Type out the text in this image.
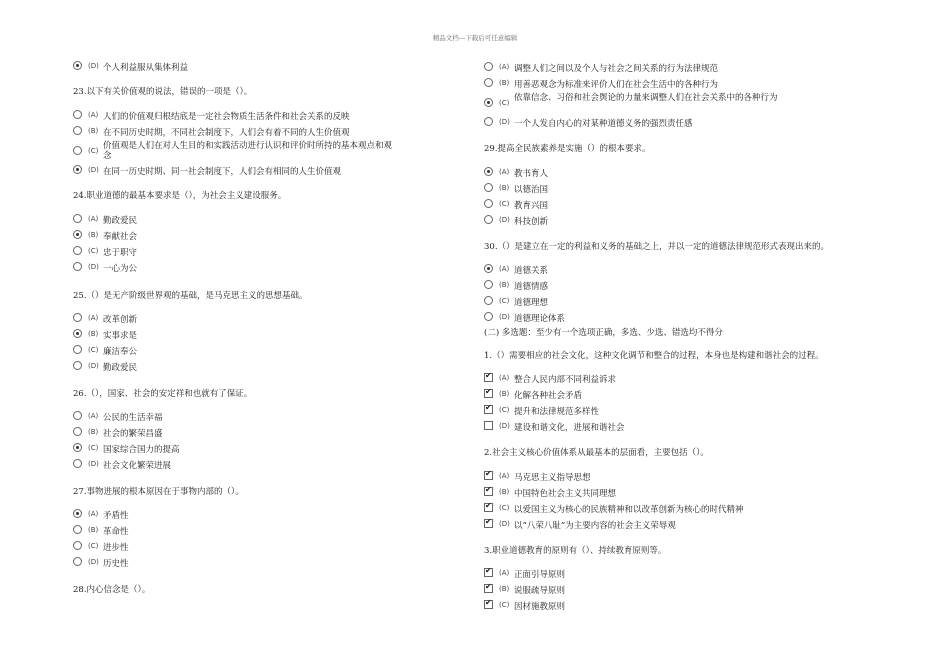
精品文档---下载后可任意编辑
(D) 个人利益服从集体利益
23.以下有关价值观的说法，错误的一项是（）。
(A) 人们的价值观归根结底是一定社会物质生活条件和社会关系的反映
(B) 在不同历史时期，不同社会制度下，人们会有着不同的人生价值观
(C) 价值观是人们在对人生目的和实践活动进行认识和评价时所持的基本观点和观念
(D) 在同一历史时期、同一社会制度下，人们会有相同的人生价值观
24.职业道德的最基本要求是（），为社会主义建设服务。
(A) 勤政爱民
(B) 奉献社会
(C) 忠于职守
(D) 一心为公
25.（）是无产阶级世界观的基础，是马克思主义的思想基础。
(A) 改革创新
(B) 实事求是
(C) 廉洁奉公
(D) 勤政爱民
26.（），国家、社会的安定祥和也就有了保证。
(A) 公民的生活幸福
(B) 社会的繁荣昌盛
(C) 国家综合国力的提高
(D) 社会文化繁荣进展
27.事物进展的根本原因在于事物内部的（）。
(A) 矛盾性
(B) 革命性
(C) 进步性
(D) 历史性
28.内心信念是（）。
(A) 调整人们之间以及个人与社会之间关系的行为法律规范
(B) 用善恶观念为标准来评价人们在社会生活中的各种行为
(C) 依靠信念、习俗和社会舆论的力量来调整人们在社会关系中的各种行为
(D) 一个人发自内心的对某种道德义务的强烈责任感
29.提高全民族素养是实施（）的根本要求。
(A) 教书育人
(B) 以德治国
(C) 教育兴国
(D) 科技创新
30.（）是建立在一定的利益和义务的基础之上，并以一定的道德法律规范形式表现出来的。
(A) 道德关系
(B) 道德情感
(C) 道德理想
(D) 道德理论体系
(二) 多选题：至少有一个选项正确，多选、少选、错选均不得分
1.（）需要相应的社会文化，这种文化调节和整合的过程，本身也是构建和谐社会的过程。
✔
(A) 整合人民内部不同利益诉求
✔
(B) 化解各种社会矛盾
✔
(C) 提升和法律规范多样性
(D) 建设和谐文化，进展和谐社会
2.社会主义核心价值体系从最基本的层面看，主要包括（）。
✔
(A) 马克思主义指导思想
✔
(B) 中国特色社会主义共同理想
✔
(C) 以爱国主义为核心的民族精神和以改革创新为核心的时代精神
✔
(D) 以“八荣八耻”为主要内容的社会主义荣辱观
3.职业道德教育的原则有（）、持续教育原则等。
✔
(A) 正面引导原则
✔
(B) 说服疏导原则
✔
(C) 因材施教原则
